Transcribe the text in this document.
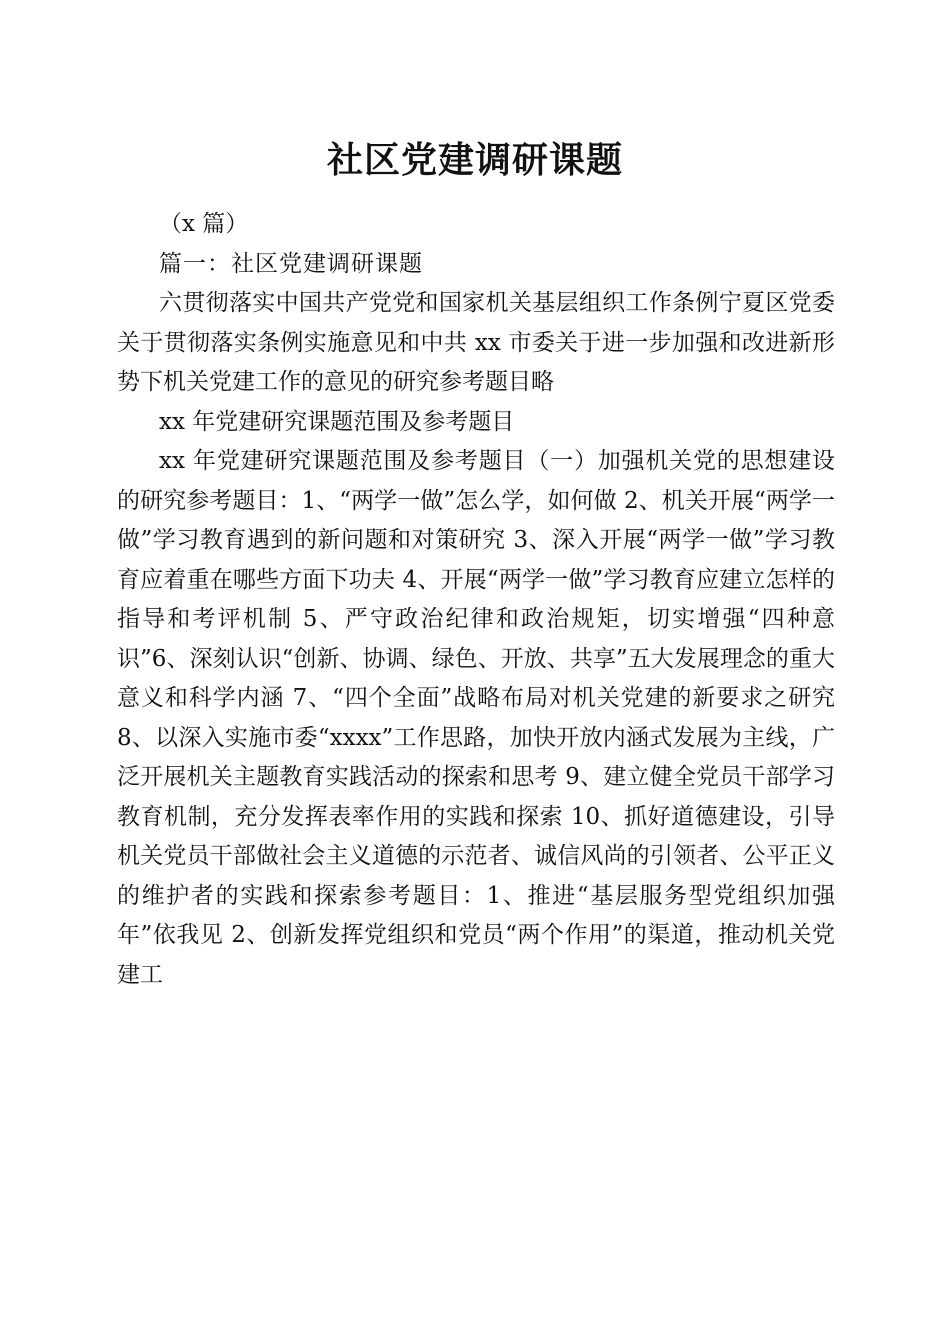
社区党建调研课题

（x 篇）

篇一：社区党建调研课题

六贯彻落实中国共产党党和国家机关基层组织工作条例宁夏区党委关于贯彻落实条例实施意见和中共 xx 市委关于进一步加强和改进新形势下机关党建工作的意见的研究参考题目略

xx 年党建研究课题范围及参考题目

xx 年党建研究课题范围及参考题目（一）加强机关党的思想建设的研究参考题目：1、“两学一做”怎么学，如何做 2、机关开展“两学一做”学习教育遇到的新问题和对策研究 3、深入开展“两学一做”学习教育应着重在哪些方面下功夫 4、开展“两学一做”学习教育应建立怎样的指导和考评机制 5、严守政治纪律和政治规矩，切实增强“四种意识”6、深刻认识“创新、协调、绿色、开放、共享”五大发展理念的重大意义和科学内涵 7、“四个全面”战略布局对机关党建的新要求之研究 8、以深入实施市委“xxxx”工作思路，加快开放内涵式发展为主线，广泛开展机关主题教育实践活动的探索和思考 9、建立健全党员干部学习教育机制，充分发挥表率作用的实践和探索 10、抓好道德建设，引导机关党员干部做社会主义道德的示范者、诚信风尚的引领者、公平正义的维护者的实践和探索参考题目：1、推进“基层服务型党组织加强年”依我见 2、创新发挥党组织和党员“两个作用”的渠道，推动机关党建工
